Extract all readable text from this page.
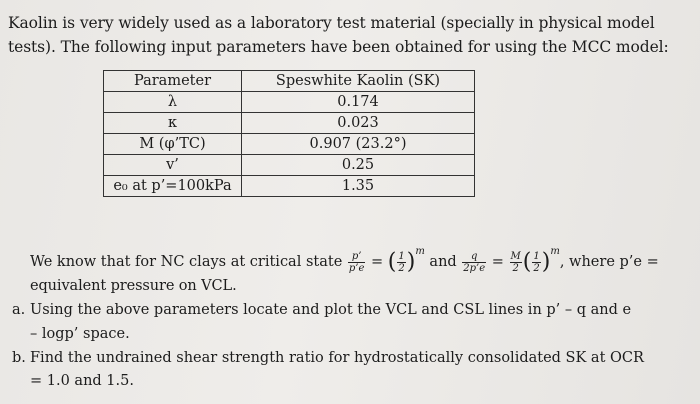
Kaolin is very widely used as a laboratory test material (specially in physical model
tests). The following input parameters have been obtained for using the MCC model:
Parameter	Speswhite Kaolin (SK)
λ	0.174
κ	0.023
M (φ’TC)	0.907 (23.2°)
v’	0.25
e₀ at p’=100kPa	1.35
We know that for NC clays at critical state $\frac{p’}{p’e}$ = ( $\frac{1}{2} )^m$ and $\frac{q}{2p’e} = \frac{M}{2}$ ( $\frac{1}{2} )^m$, where p’e =
equivalent pressure on VCL.
a. Using the above parameters locate and plot the VCL and CSL lines in p’ – q and e
– logp’ space.
b. Find the undrained shear strength ratio for hydrostatically consolidated SK at OCR
= 1.0 and 1.5.
